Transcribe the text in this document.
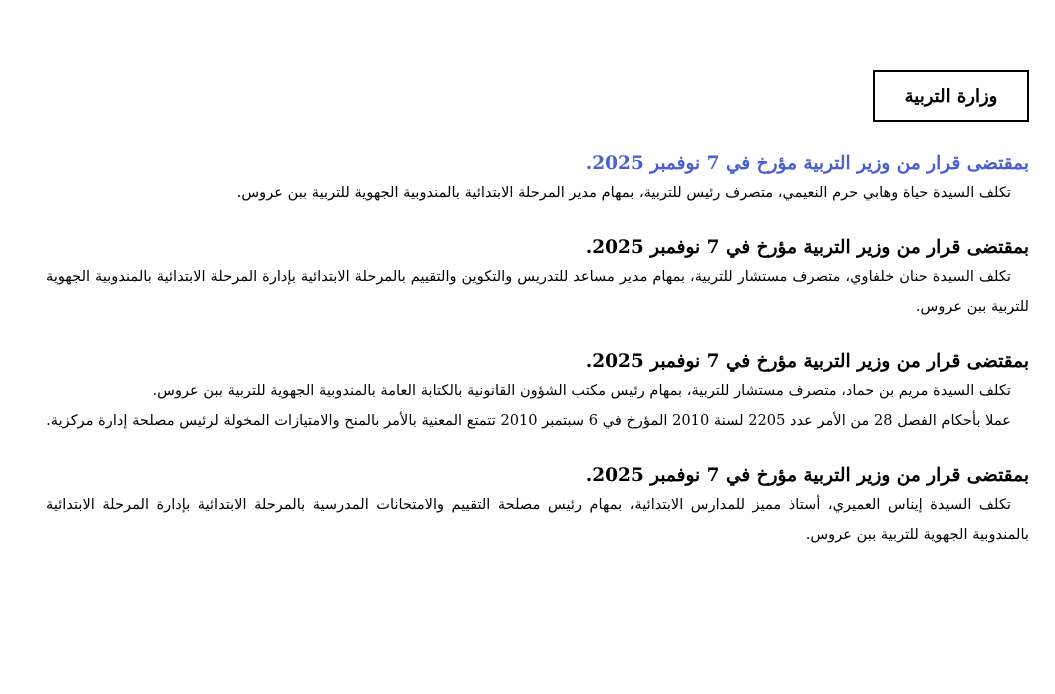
وزارة التربية

بمقتضى قرار من وزير التربية مؤرخ في 7 نوفمبر 2025.

تكلف السيدة حياة وهابي حرم النعيمي، متصرف رئيس للتربية، بمهام مدير المرحلة الابتدائية بالمندوبية الجهوية للتربية ببن عروس.

بمقتضى قرار من وزير التربية مؤرخ في 7 نوفمبر 2025.

تكلف السيدة حنان خلفاوي، متصرف مستشار للتربية، بمهام مدير مساعد للتدريس والتكوين والتقييم بالمرحلة الابتدائية بإدارة المرحلة الابتدائية بالمندوبية الجهوية للتربية ببن عروس.

بمقتضى قرار من وزير التربية مؤرخ في 7 نوفمبر 2025.

تكلف السيدة مريم بن حماد، متصرف مستشار للتربية، بمهام رئيس مكتب الشؤون القانونية بالكتابة العامة بالمندوبية الجهوية للتربية ببن عروس.

عملا بأحكام الفصل 28 من الأمر عدد 2205 لسنة 2010 المؤرخ في 6 سبتمبر 2010 تتمتع المعنية بالأمر بالمنح والامتيازات المخولة لرئيس مصلحة إدارة مركزية.

بمقتضى قرار من وزير التربية مؤرخ في 7 نوفمبر 2025.

تكلف السيدة إيناس العميري، أستاذ مميز للمدارس الابتدائية، بمهام رئيس مصلحة التقييم والامتحانات المدرسية بالمرحلة الابتدائية بإدارة المرحلة الابتدائية بالمندوبية الجهوية للتربية ببن عروس.
